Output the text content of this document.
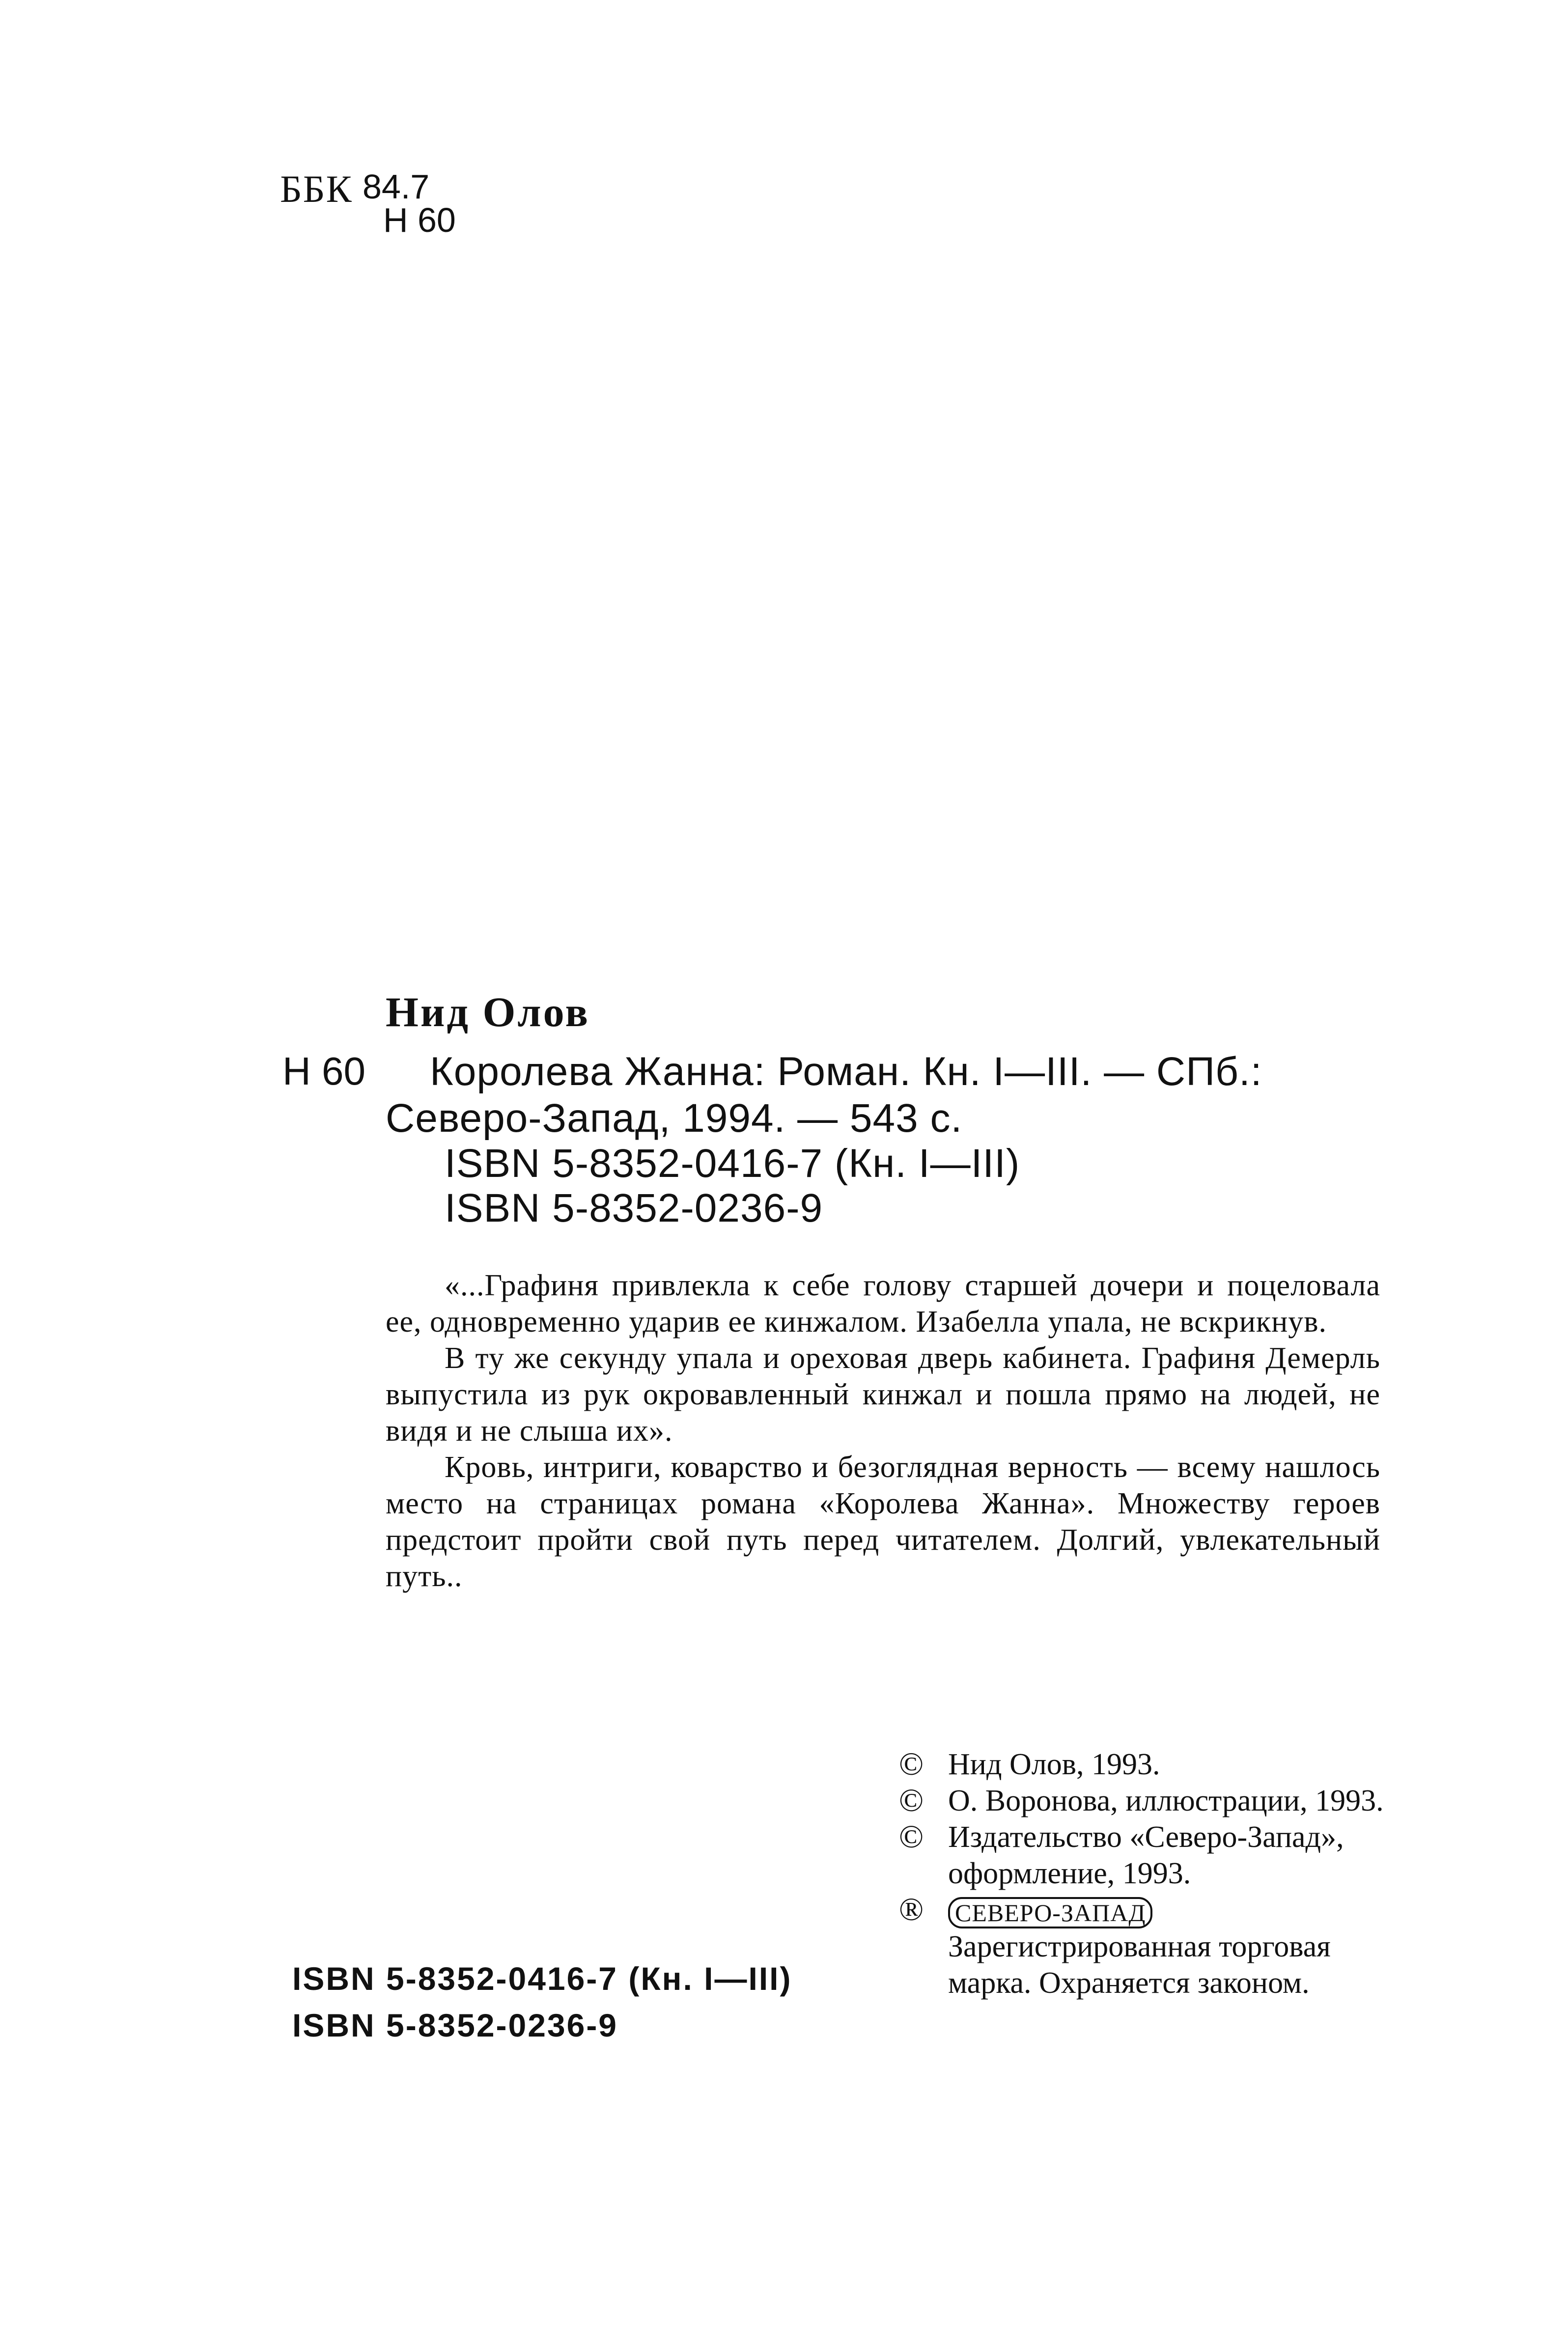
ББК 84.7
Н 60
Нид Олов
Н 60 Королева Жанна: Роман. Кн. I—III. — СПб.:
Северо-Запад, 1994. — 543 с.
ISBN 5-8352-0416-7 (Кн. I—III)
ISBN 5-8352-0236-9

«...Графиня привлекла к себе голову старшей дочери и поцеловала ее, одновременно ударив ее кинжалом. Изабелла упала, не вскрикнув.

В ту же секунду упала и ореховая дверь кабинета. Графиня Демерль выпустила из рук окровавленный кинжал и пошла прямо на людей, не видя и не слыша их».

Кровь, интриги, коварство и безоглядная верность — всему нашлось место на страницах романа «Королева Жанна». Множеству героев предстоит пройти свой путь перед читателем. Долгий, увлекательный путь..

© Нид Олов, 1993.
© О. Воронова, иллюстрации, 1993.
© Издательство «Северо-Запад», оформление, 1993.
® СЕВЕРО-ЗАПАД Зарегистрированная торговая марка. Охраняется законом.
ISBN 5-8352-0416-7 (Кн. I—III)
ISBN 5-8352-0236-9
